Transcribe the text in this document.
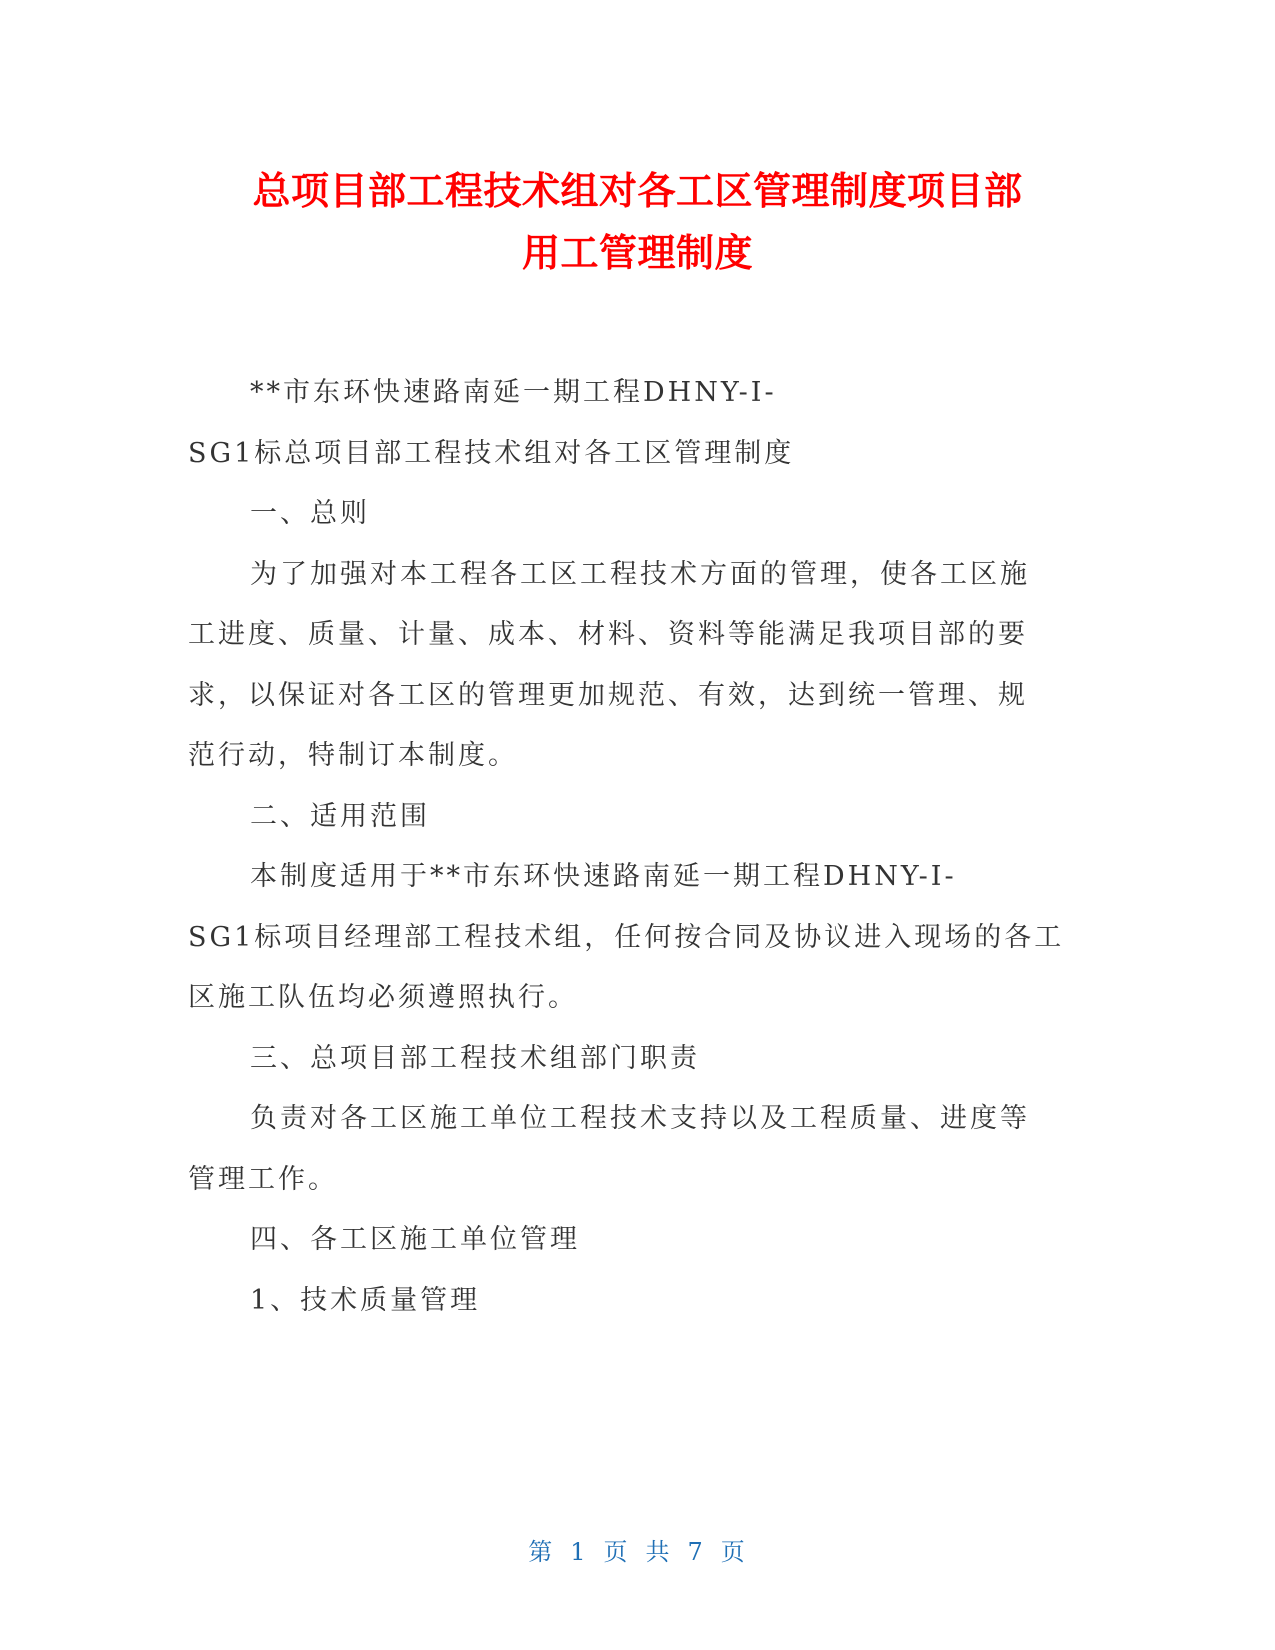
总项目部工程技术组对各工区管理制度项目部
用工管理制度
**市东环快速路南延一期工程DHNY-I-
SG1标总项目部工程技术组对各工区管理制度
一、总则
为了加强对本工程各工区工程技术方面的管理，使各工区施
工进度、质量、计量、成本、材料、资料等能满足我项目部的要
求，以保证对各工区的管理更加规范、有效，达到统一管理、规
范行动，特制订本制度。
二、适用范围
本制度适用于**市东环快速路南延一期工程DHNY-I-
SG1标项目经理部工程技术组，任何按合同及协议进入现场的各工
区施工队伍均必须遵照执行。
三、总项目部工程技术组部门职责
负责对各工区施工单位工程技术支持以及工程质量、进度等
管理工作。
四、各工区施工单位管理
1、技术质量管理
第 1 页 共 7 页
